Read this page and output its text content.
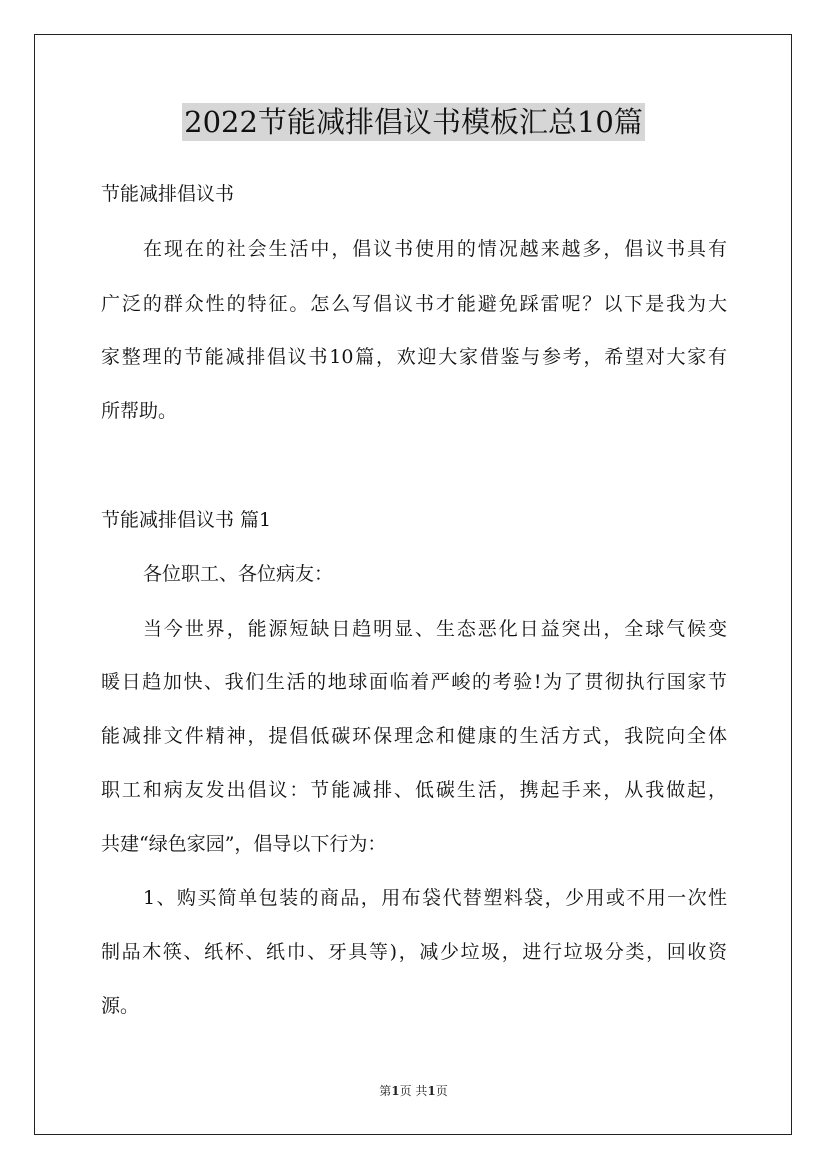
2022节能减排倡议书模板汇总10篇
节能减排倡议书
在现在的社会生活中，倡议书使用的情况越来越多，倡议书具有
广泛的群众性的特征。怎么写倡议书才能避免踩雷呢？以下是我为大
家整理的节能减排倡议书10篇，欢迎大家借鉴与参考，希望对大家有
所帮助。
节能减排倡议书 篇1
各位职工、各位病友：
当今世界，能源短缺日趋明显、生态恶化日益突出，全球气候变
暖日趋加快、我们生活的地球面临着严峻的考验!为了贯彻执行国家节
能减排文件精神，提倡低碳环保理念和健康的生活方式，我院向全体
职工和病友发出倡议：节能减排、低碳生活，携起手来，从我做起，
共建“绿色家园”，倡导以下行为：
1、购买简单包装的商品，用布袋代替塑料袋，少用或不用一次性
制品木筷、纸杯、纸巾、牙具等)，减少垃圾，进行垃圾分类，回收资
源。
第1页 共1页
